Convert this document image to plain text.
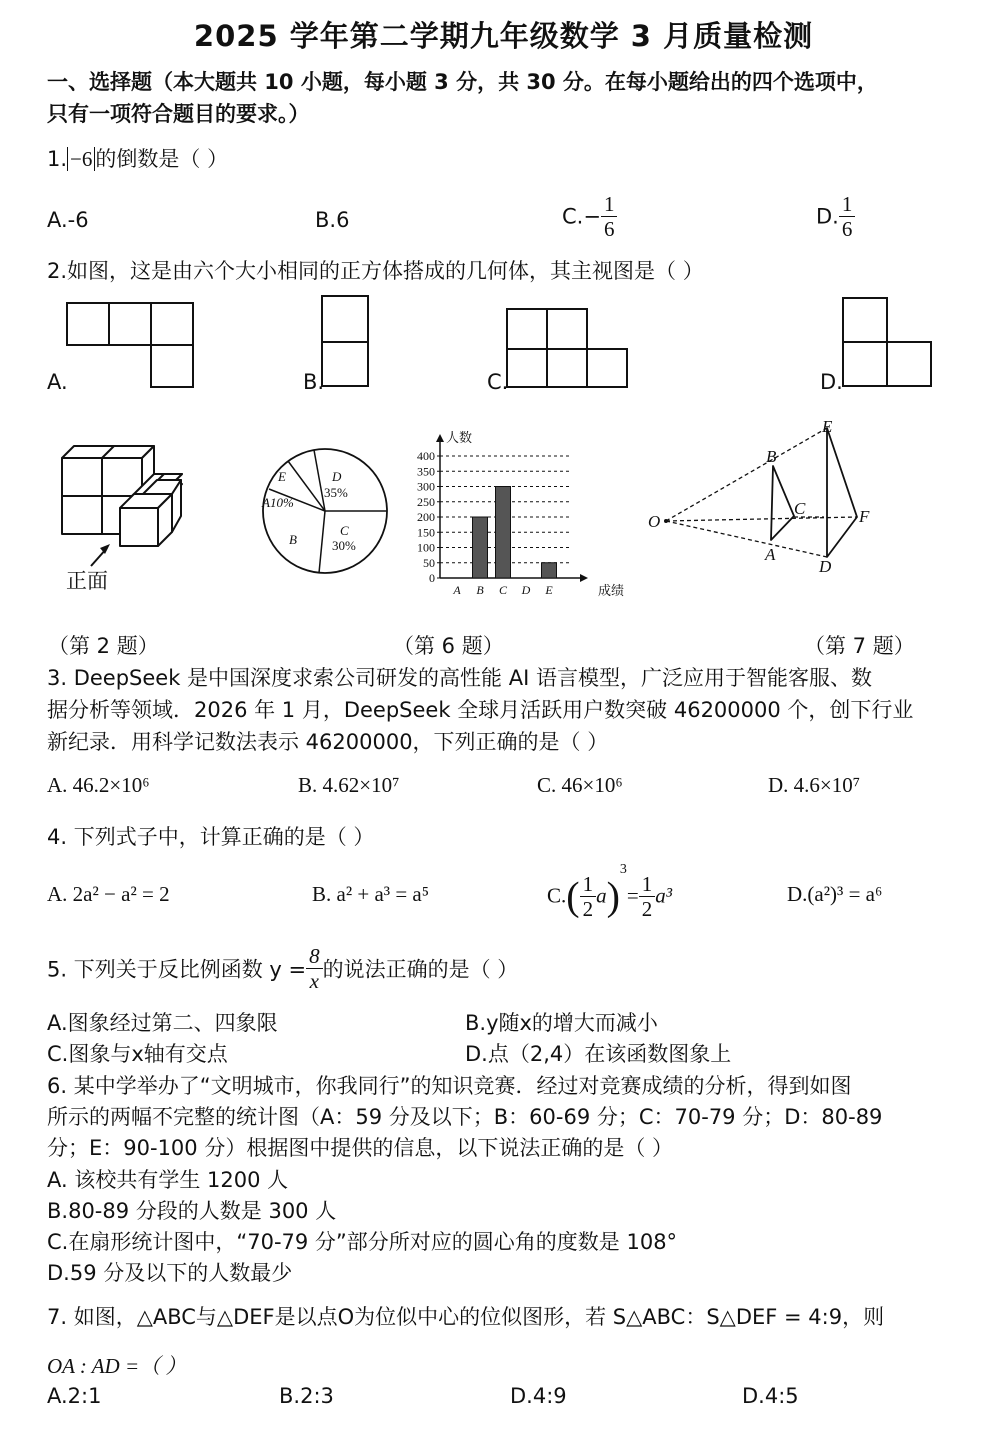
2025 学年第二学期九年级数学 3 月质量检测
一、选择题（本大题共 10 小题，每小题 3 分，共 30 分。在每小题给出的四个选项中，
只有一项符合题目的要求。）
1. −6 的倒数是（ ）
A.-6	B.6	$C.- \frac{1}{6}$	D. $\frac{1}{6}$
2.如图，这是由六个大小相同的正方体搭成的几何体，其主视图是（ ）
A.	B.	C.	D.
正面
E
A10%
D
35%
C
30%
B
0
50
100
150
200
250
300
350
400
人数
成绩
A B C D E
O
B
C
A
E
F
D
（第 2 题）	（第 6 题）	（第 7 题）
3. DeepSeek 是中国深度求索公司研发的高性能 AI 语言模型，广泛应用于智能客服、数
据分析等领域．2026 年 1 月，DeepSeek 全球月活跃用户数突破 46200000 个，创下行业
新纪录．用科学记数法表示 46200000，下列正确的是（ ）
A. 46.2×10⁶	B. 4.62×10⁷	C. 46×10⁶	D. 4.6×10⁷
4. 下列式子中，计算正确的是（ ）
A. 2a² − a² = 2	B. a² + a³ = a⁵	$C.( \frac{1}{2} a)^3= \frac{1}{2} a^3$	D.(a²)³ = a⁶
5. 下列关于反比例函数 $y = \frac{8}{x}$ 的说法正确的是（ ）
A.图象经过第二、四象限	B.y随x的增大而减小
C.图象与x轴有交点	D.点（2,4）在该函数图象上
6. 某中学举办了“文明城市，你我同行”的知识竞赛．经过对竞赛成绩的分析，得到如图
所示的两幅不完整的统计图（A：59 分及以下；B：60-69 分；C：70-79 分；D：80-89
分；E：90-100 分）根据图中提供的信息，以下说法正确的是（ ）
A. 该校共有学生 1200 人
B.80-89 分段的人数是 300 人
C.在扇形统计图中，“70-79 分”部分所对应的圆心角的度数是 108°
D.59 分及以下的人数最少
7. 如图，△ABC与△DEF是以点O为位似中心的位似图形，若 S△ABC：S△DEF = 4:9，则
OA : AD =（ ）
A.2:1	B.2:3	D.4:9	D.4:5
